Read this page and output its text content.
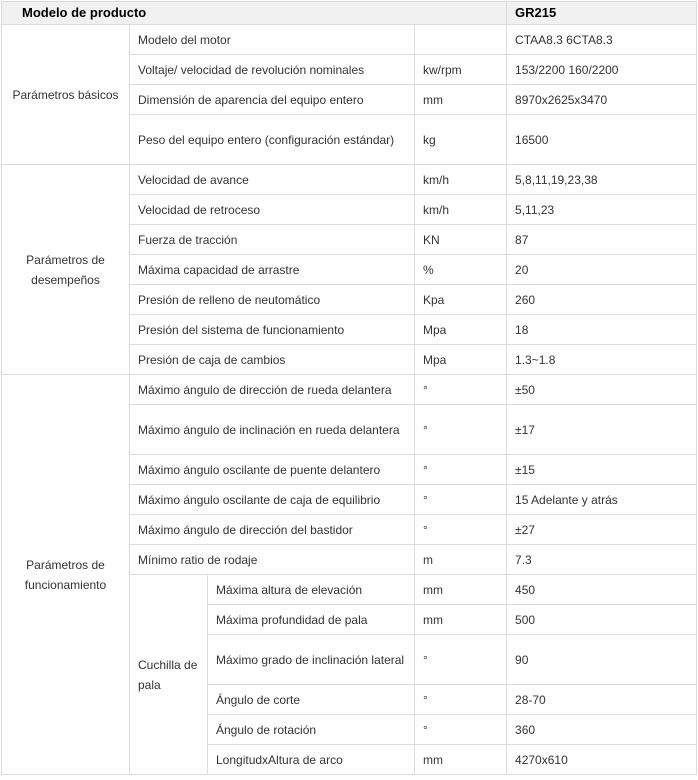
Modelo de producto				GR215
Parámetros básicos	Modelo del motor			CTAA8.3 6CTA8.3
	Voltaje/ velocidad de revolución nominales		kw/rpm	153/2200 160/2200
	Dimensión de aparencia del equipo entero		mm	8970x2625x3470
	Peso del equipo entero (configuración estándar)		kg	16500
Parámetros de desempeños	Velocidad de avance		km/h	5,8,11,19,23,38
	Velocidad de retroceso		km/h	5,11,23
	Fuerza de tracción		KN	87
	Máxima capacidad de arrastre		%	20
	Presión de relleno de neutomático		Kpa	260
	Presión del sistema de funcionamiento		Mpa	18
	Presión de caja de cambios		Mpa	1.3~1.8
Parámetros de funcionamiento	Máximo ángulo de dirección de rueda delantera		°	±50
	Máximo ángulo de inclinación en rueda delantera		°	±17
	Máximo ángulo oscilante de puente delantero		°	±15
	Máximo ángulo oscilante de caja de equilibrio		°	15 Adelante y atrás
	Máximo ángulo de dirección del bastidor		°	±27
	Mínimo ratio de rodaje		m	7.3
	Cuchilla de pala	Máxima altura de elevación	mm	450
		Máxima profundidad de pala	mm	500
		Máximo grado de inclinación lateral	°	90
		Ángulo de corte	°	28-70
		Ángulo de rotación	°	360
		LongitudxAltura de arco	mm	4270x610
